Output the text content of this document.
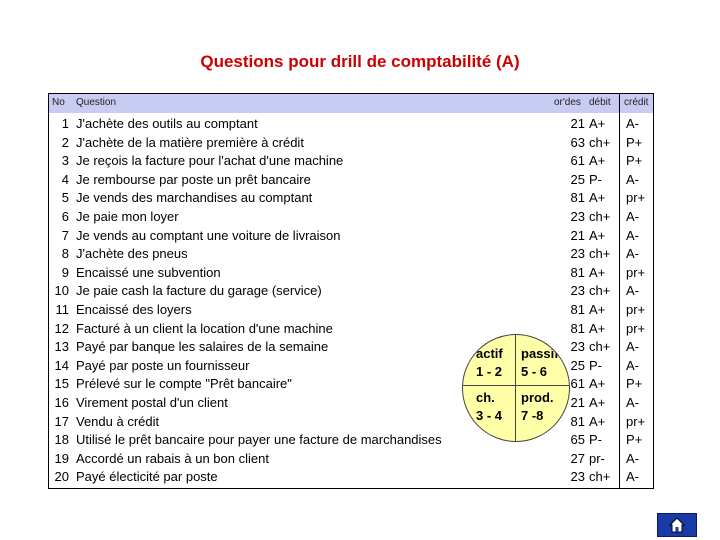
Questions pour drill de comptabilité (A)
No Question	or'des débit crédit
1 J'achète des outils au comptant	21 A+ A-
2 J'achète de la matière première à crédit	63 ch+ P+
3 Je reçois la facture pour l'achat d'une machine	61 A+ P+
4 Je rembourse par poste un prêt bancaire	25 P- A-
5 Je vends des marchandises au comptant	81 A+ pr+
6 Je paie mon loyer	23 ch+ A-
7 Je vends au comptant une voiture de livraison	21 A+ A-
8 J'achète des pneus	23 ch+ A-
9 Encaissé une subvention	81 A+ pr+
10 Je paie cash la facture du garage (service)	23 ch+ A-
11 Encaissé des loyers	81 A+ pr+
12 Facturé à un client la location d'une machine	81 A+ pr+
13 Payé par banque les salaires de la semaine	23 ch+ A-
14 Payé par poste un fournisseur	25 P- A-
15 Prélevé sur le compte "Prêt bancaire"	61 A+ P+
16 Virement postal d'un client	21 A+ A-
17 Vendu à crédit	81 A+ pr+
18 Utilisé le prêt bancaire pour payer une facture de marchandises	65 P- P+
19 Accordé un rabais à un bon client	27 pr- A-
20 Payé électicité par poste	23 ch+ A-
actif
1 - 2
passif
5 - 6
ch.
3 - 4
prod.
7 -8
